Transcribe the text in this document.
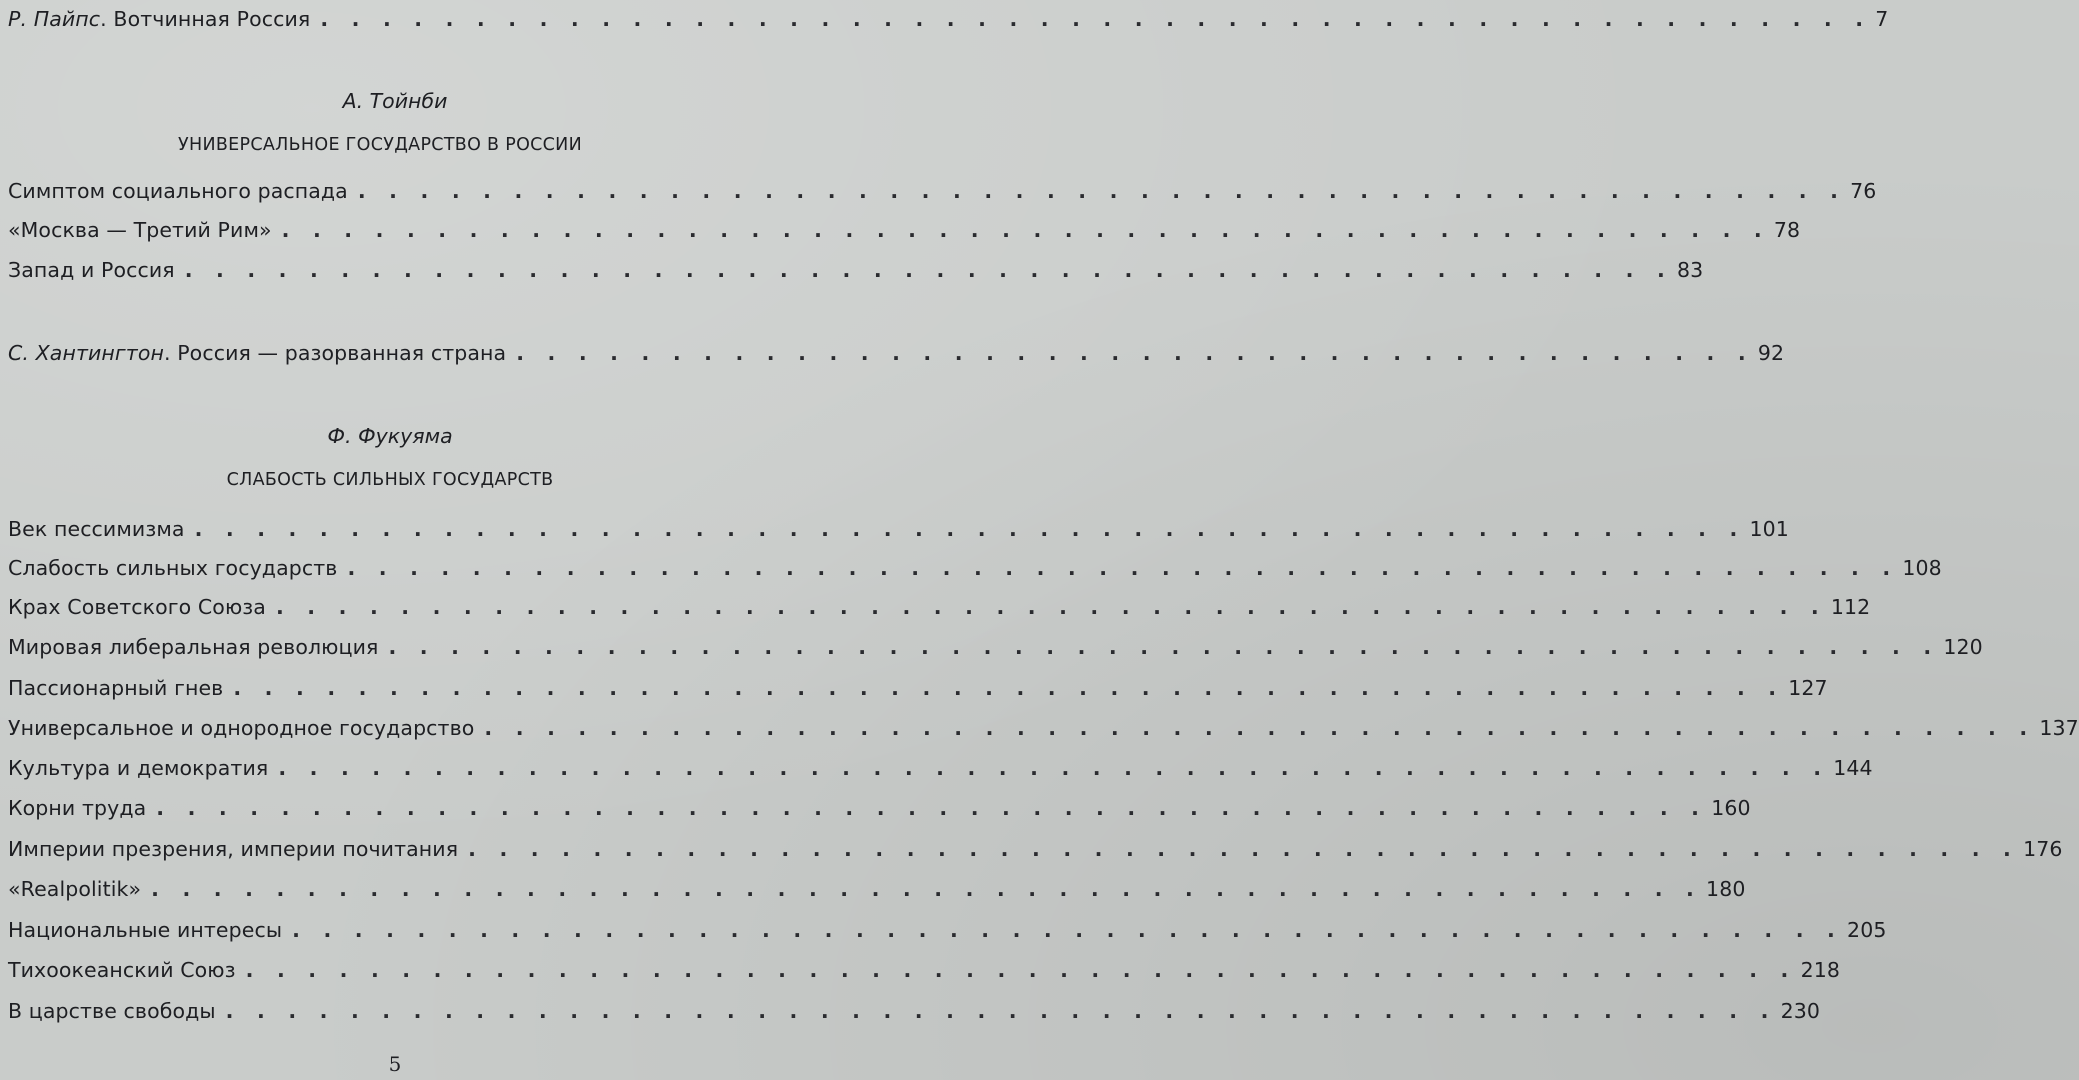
Р. Пайпс. Вотчинная Россия . . . . . . . . . . . . . . . . . . . . . . . . . . . . . . . . . . . . . . . . . . . . . . . . . . 7
А. Тойнби
УНИВЕРСАЛЬНОЕ ГОСУДАРСТВО В РОССИИ
Симптом социального распада . . . . . . . . . . . . . . . . . . . . . . . . . . . . . . . . . . . . . . . . . . . . . . . . 76
«Москва — Третий Рим» . . . . . . . . . . . . . . . . . . . . . . . . . . . . . . . . . . . . . . . . . . . . . . . . 78
Запад и Россия . . . . . . . . . . . . . . . . . . . . . . . . . . . . . . . . . . . . . . . . . . . . . . . . 83
С. Хантингтон. Россия — разорванная страна . . . . . . . . . . . . . . . . . . . . . . . . . . . . . . . . . . . . . . . . 92
Ф. Фукуяма
СЛАБОСТЬ СИЛЬНЫХ ГОСУДАРСТВ
Век пессимизма . . . . . . . . . . . . . . . . . . . . . . . . . . . . . . . . . . . . . . . . . . . . . . . . . . 101
Слабость сильных государств . . . . . . . . . . . . . . . . . . . . . . . . . . . . . . . . . . . . . . . . . . . . . . . . . . 108
Крах Советского Союза . . . . . . . . . . . . . . . . . . . . . . . . . . . . . . . . . . . . . . . . . . . . . . . . . . 112
Мировая либеральная революция . . . . . . . . . . . . . . . . . . . . . . . . . . . . . . . . . . . . . . . . . . . . . . . . . . 120
Пассионарный гнев . . . . . . . . . . . . . . . . . . . . . . . . . . . . . . . . . . . . . . . . . . . . . . . . . . 127
Универсальное и однородное государство . . . . . . . . . . . . . . . . . . . . . . . . . . . . . . . . . . . . . . . . . . . . . . . . . . 137
Культура и демократия . . . . . . . . . . . . . . . . . . . . . . . . . . . . . . . . . . . . . . . . . . . . . . . . . . 144
Корни труда . . . . . . . . . . . . . . . . . . . . . . . . . . . . . . . . . . . . . . . . . . . . . . . . . . 160
Империи презрения, империи почитания . . . . . . . . . . . . . . . . . . . . . . . . . . . . . . . . . . . . . . . . . . . . . . . . . . 176
«Realpolitik» . . . . . . . . . . . . . . . . . . . . . . . . . . . . . . . . . . . . . . . . . . . . . . . . . . 180
Национальные интересы . . . . . . . . . . . . . . . . . . . . . . . . . . . . . . . . . . . . . . . . . . . . . . . . . . 205
Тихоокеанский Союз . . . . . . . . . . . . . . . . . . . . . . . . . . . . . . . . . . . . . . . . . . . . . . . . . . 218
В царстве свободы . . . . . . . . . . . . . . . . . . . . . . . . . . . . . . . . . . . . . . . . . . . . . . . . . . 230
5
